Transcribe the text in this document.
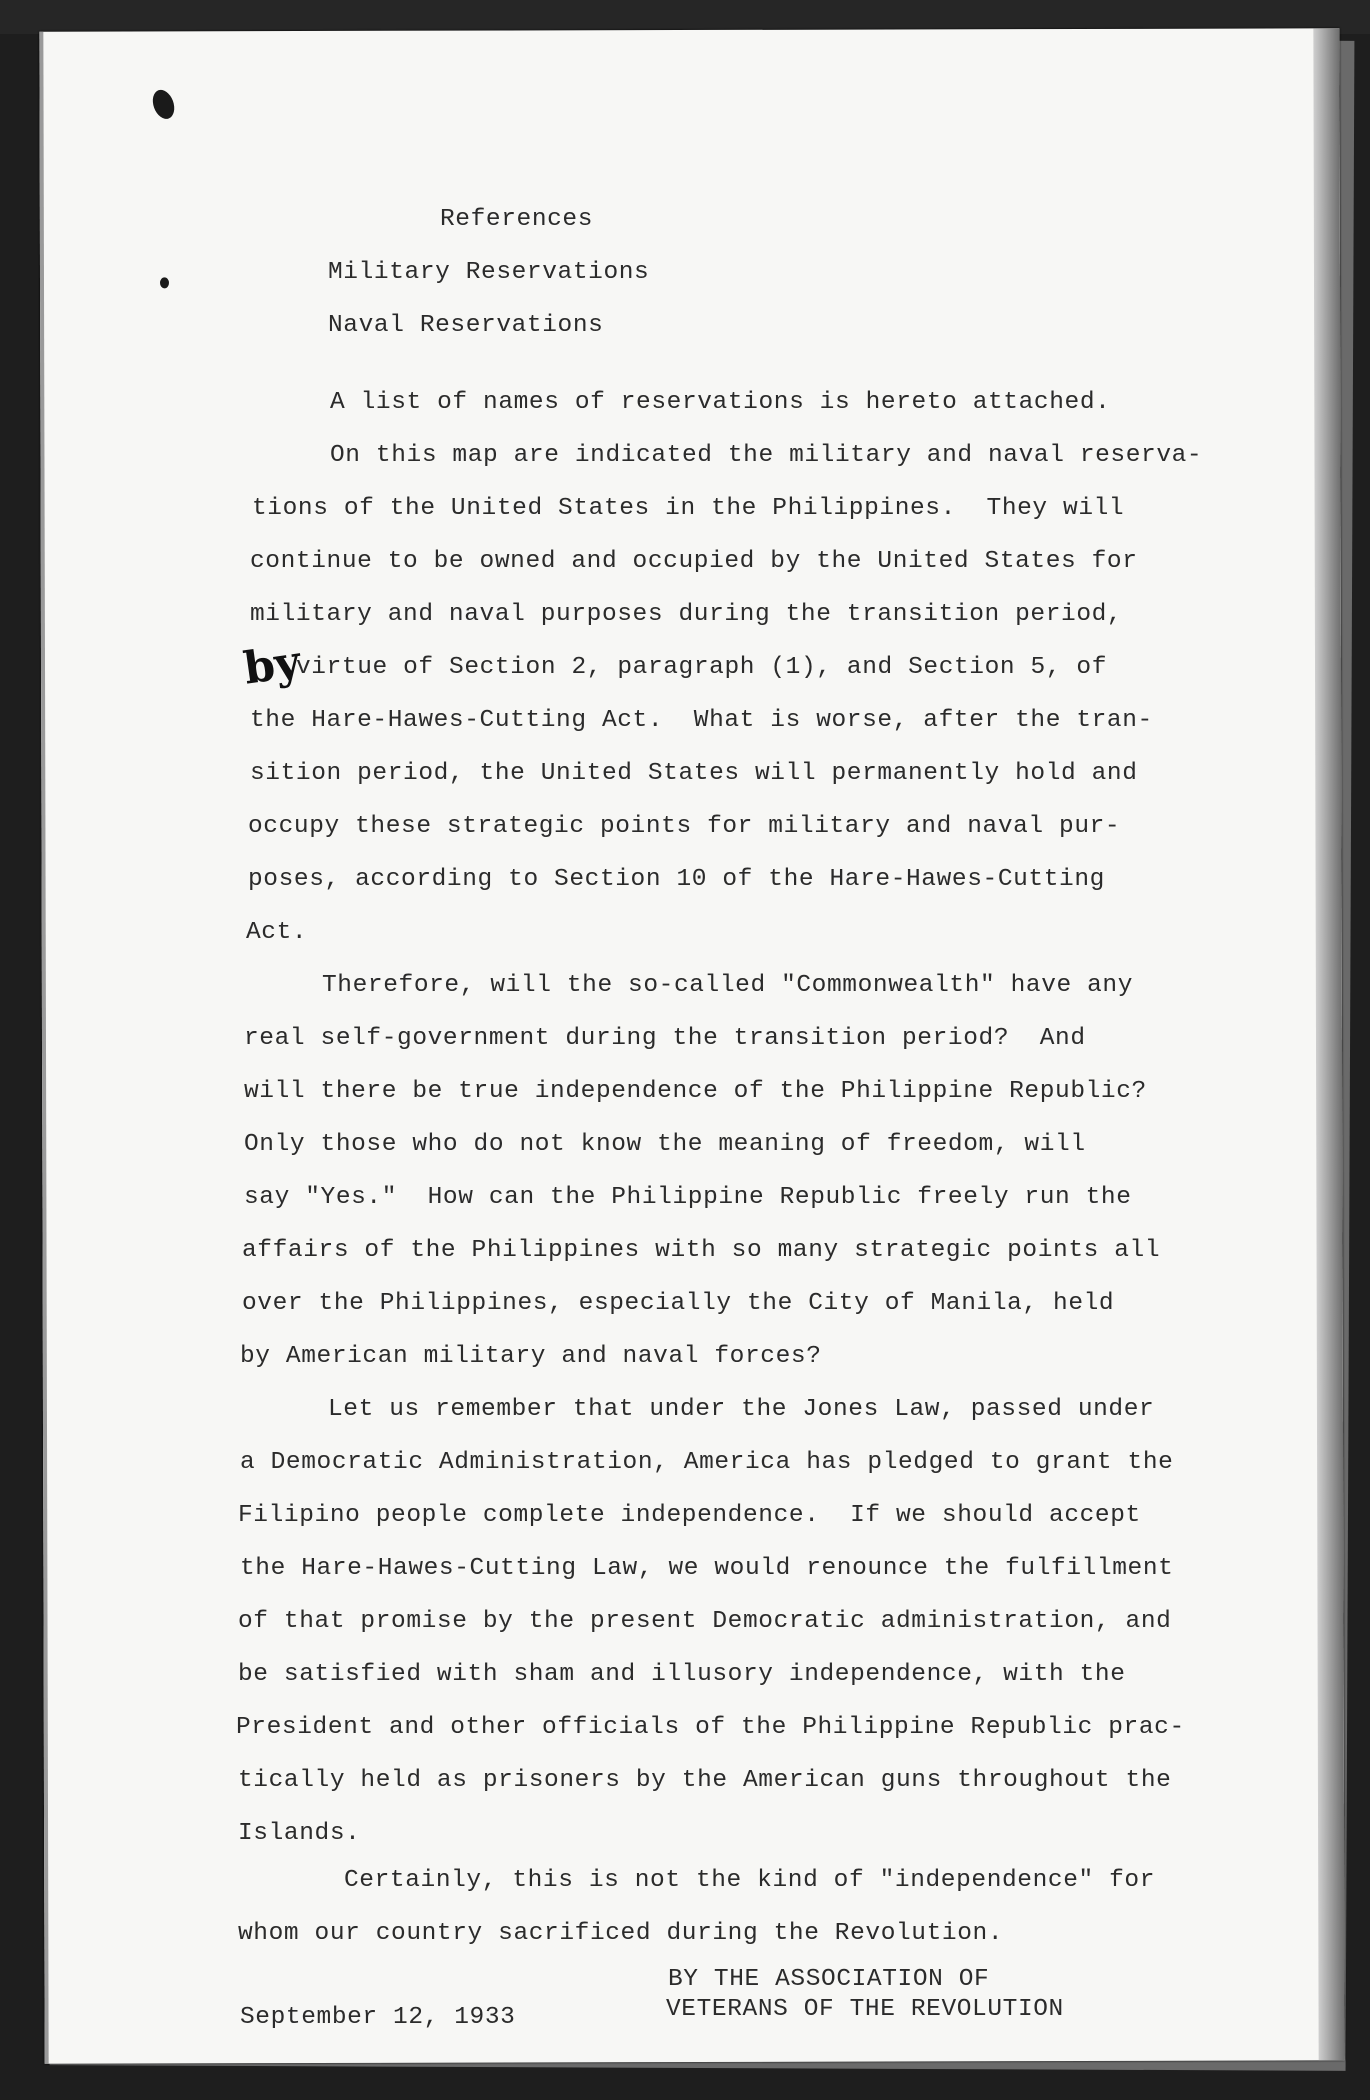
References
Military Reservations
Naval Reservations
A list of names of reservations is hereto attached.
On this map are indicated the military and naval reserva-
tions of the United States in the Philippines.  They will
continue to be owned and occupied by the United States for
military and naval purposes during the transition period,
by
virtue of Section 2, paragraph (1), and Section 5, of
the Hare-Hawes-Cutting Act.  What is worse, after the tran-
sition period, the United States will permanently hold and
occupy these strategic points for military and naval pur-
poses, according to Section 10 of the Hare-Hawes-Cutting
Act.
Therefore, will the so-called "Commonwealth" have any
real self-government during the transition period?  And
will there be true independence of the Philippine Republic?
Only those who do not know the meaning of freedom, will
say "Yes."  How can the Philippine Republic freely run the
affairs of the Philippines with so many strategic points all
over the Philippines, especially the City of Manila, held
by American military and naval forces?
Let us remember that under the Jones Law, passed under
a Democratic Administration, America has pledged to grant the
Filipino people complete independence.  If we should accept
the Hare-Hawes-Cutting Law, we would renounce the fulfillment
of that promise by the present Democratic administration, and
be satisfied with sham and illusory independence, with the
President and other officials of the Philippine Republic prac-
tically held as prisoners by the American guns throughout the
Islands.
Certainly, this is not the kind of "independence" for
whom our country sacrificed during the Revolution.
BY THE ASSOCIATION OF
September 12, 1933	VETERANS OF THE REVOLUTION
